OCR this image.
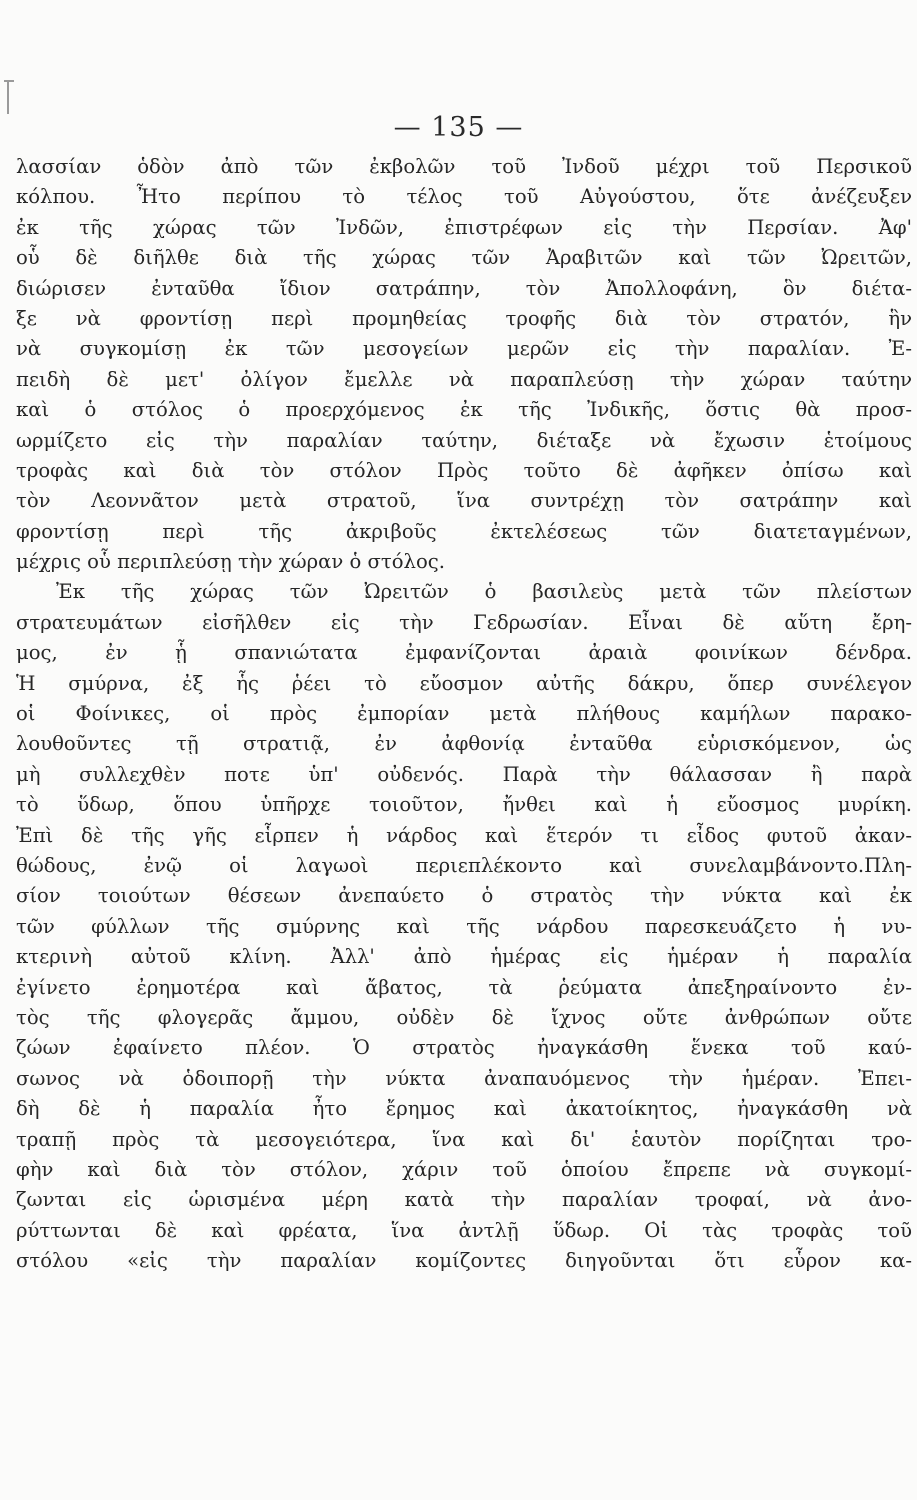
— 135 —
λασσίαν ὁδὸν ἀπὸ τῶν ἐκβολῶν τοῦ Ἰνδοῦ μέχρι τοῦ Περσικοῦ
κόλπου. Ἦτο περίπου τὸ τέλος τοῦ Αὐγούστου, ὅτε ἀνέζευξεν
ἐκ τῆς χώρας τῶν Ἰνδῶν, ἐπιστρέφων εἰς τὴν Περσίαν. Ἀφ'
οὗ δὲ διῆλθε διὰ τῆς χώρας τῶν Ἀραβιτῶν καὶ τῶν Ὠρειτῶν,
διώρισεν ἐνταῦθα ἴδιον σατράπην, τὸν Ἀπολλοφάνη, ὃν διέτα-
ξε νὰ φροντίσῃ περὶ προμηθείας τροφῆς διὰ τὸν στρατόν, ἣν
νὰ συγκομίσῃ ἐκ τῶν μεσογείων μερῶν εἰς τὴν παραλίαν. Ἐ-
πειδὴ δὲ μετ' ὀλίγον ἔμελλε νὰ παραπλεύσῃ τὴν χώραν ταύτην
καὶ ὁ στόλος ὁ προερχόμενος ἐκ τῆς Ἰνδικῆς, ὅστις θὰ προσ-
ωρμίζετο εἰς τὴν παραλίαν ταύτην, διέταξε νὰ ἔχωσιν ἑτοίμους
τροφὰς καὶ διὰ τὸν στόλον Πρὸς τοῦτο δὲ ἀφῆκεν ὀπίσω καὶ
τὸν Λεοννᾶτον μετὰ στρατοῦ, ἵνα συντρέχῃ τὸν σατράπην καὶ
φροντίσῃ περὶ τῆς ἀκριβοῦς ἐκτελέσεως τῶν διατεταγμένων,
μέχρις οὗ περιπλεύσῃ τὴν χώραν ὁ στόλος.
Ἐκ τῆς χώρας τῶν Ὠρειτῶν ὁ βασιλεὺς μετὰ τῶν πλείστων
στρατευμάτων εἰσῆλθεν εἰς τὴν Γεδρωσίαν. Εἶναι δὲ αὕτη ἔρη-
μος, ἐν ᾗ σπανιώτατα ἐμφανίζονται ἀραιὰ φοινίκων δένδρα.
Ἡ σμύρνα, ἐξ ἧς ῥέει τὸ εὔοσμον αὐτῆς δάκρυ, ὅπερ συνέλεγον
οἱ Φοίνικες, οἱ πρὸς ἐμπορίαν μετὰ πλήθους καμήλων παρακο-
λουθοῦντες τῇ στρατιᾷ, ἐν ἀφθονίᾳ ἐνταῦθα εὑρισκόμενον, ὡς
μὴ συλλεχθὲν ποτε ὑπ' οὐδενός. Παρὰ τὴν θάλασσαν ἢ παρὰ
τὸ ὕδωρ, ὅπου ὑπῆρχε τοιοῦτον, ἤνθει καὶ ἡ εὔοσμος μυρίκη.
Ἐπὶ δὲ τῆς γῆς εἷρπεν ἡ νάρδος καὶ ἕτερόν τι εἶδος φυτοῦ ἀκαν-
θώδους, ἐνῷ οἱ λαγωοὶ περιεπλέκοντο καὶ συνελαμβάνοντο.Πλη-
σίον τοιούτων θέσεων ἀνεπαύετο ὁ στρατὸς τὴν νύκτα καὶ ἐκ
τῶν φύλλων τῆς σμύρνης καὶ τῆς νάρδου παρεσκευάζετο ἡ νυ-
κτερινὴ αὐτοῦ κλίνη. Ἀλλ' ἀπὸ ἡμέρας εἰς ἡμέραν ἡ παραλία
ἐγίνετο ἐρημοτέρα καὶ ἄβατος, τὰ ῥεύματα ἀπεξηραίνοντο ἐν-
τὸς τῆς φλογερᾶς ἄμμου, οὐδὲν δὲ ἴχνος οὔτε ἀνθρώπων οὔτε
ζώων ἐφαίνετο πλέον. Ὁ στρατὸς ἠναγκάσθη ἕνεκα τοῦ καύ-
σωνος νὰ ὁδοιπορῇ τὴν νύκτα ἀναπαυόμενος τὴν ἡμέραν. Ἐπει-
δὴ δὲ ἡ παραλία ἦτο ἔρημος καὶ ἀκατοίκητος, ἠναγκάσθη νὰ
τραπῇ πρὸς τὰ μεσογειότερα, ἵνα καὶ δι' ἑαυτὸν πορίζηται τρο-
φὴν καὶ διὰ τὸν στόλον, χάριν τοῦ ὁποίου ἔπρεπε νὰ συγκομί-
ζωνται εἰς ὡρισμένα μέρη κατὰ τὴν παραλίαν τροφαί, νὰ ἀνο-
ρύττωνται δὲ καὶ φρέατα, ἵνα ἀντλῇ ὕδωρ. Οἱ τὰς τροφὰς τοῦ
στόλου «εἰς τὴν παραλίαν κομίζοντες διηγοῦνται ὅτι εὗρον κα-
